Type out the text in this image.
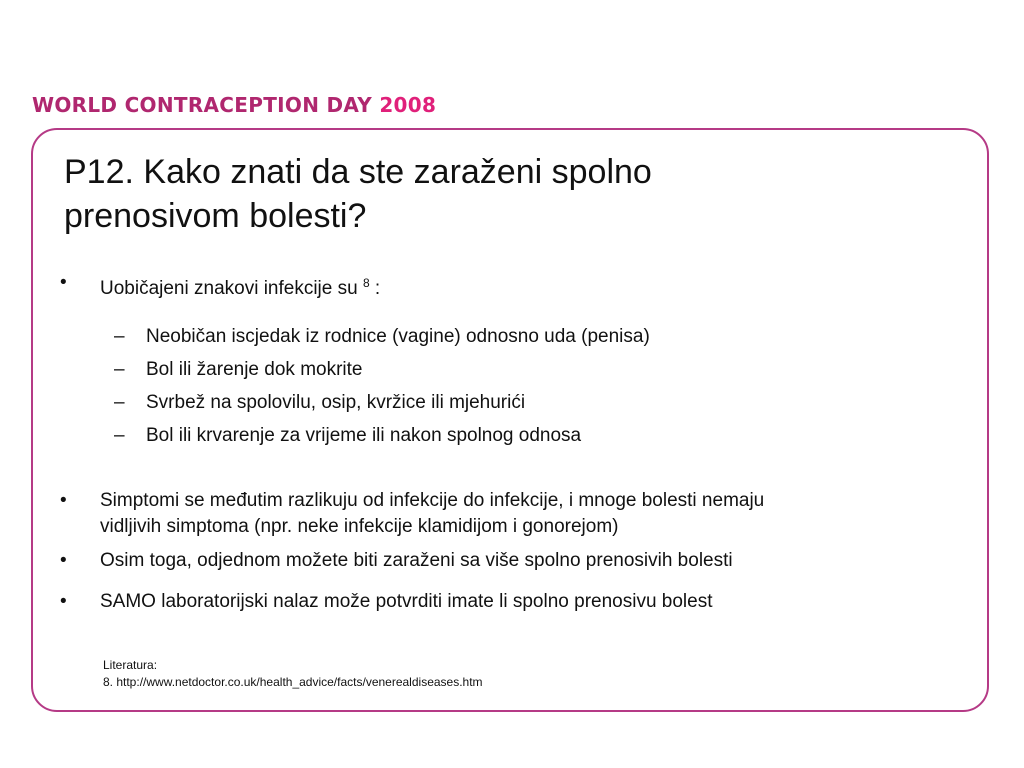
WORLD CONTRACEPTION DAY 2008
P12. Kako znati da ste zaraženi spolno
prenosivom bolesti?
•	Uobičajeni znakovi infekcije su $^8$ :
– Neobičan iscjedak iz rodnice (vagine) odnosno uda (penisa)
– Bol ili žarenje dok mokrite
– Svrbež na spolovilu, osip, kvržice ili mjehurići
– Bol ili krvarenje za vrijeme ili nakon spolnog odnosa
•	Simptomi se međutim razlikuju od infekcije do infekcije, i mnoge bolesti nemaju
vidljivih simptoma (npr. neke infekcije klamidijom i gonorejom)
•	Osim toga, odjednom možete biti zaraženi sa više spolno prenosivih bolesti
•	SAMO laboratorijski nalaz može potvrditi imate li spolno prenosivu bolest
Literatura:
8. http://www.netdoctor.co.uk/health_advice/facts/venerealdiseases.htm
